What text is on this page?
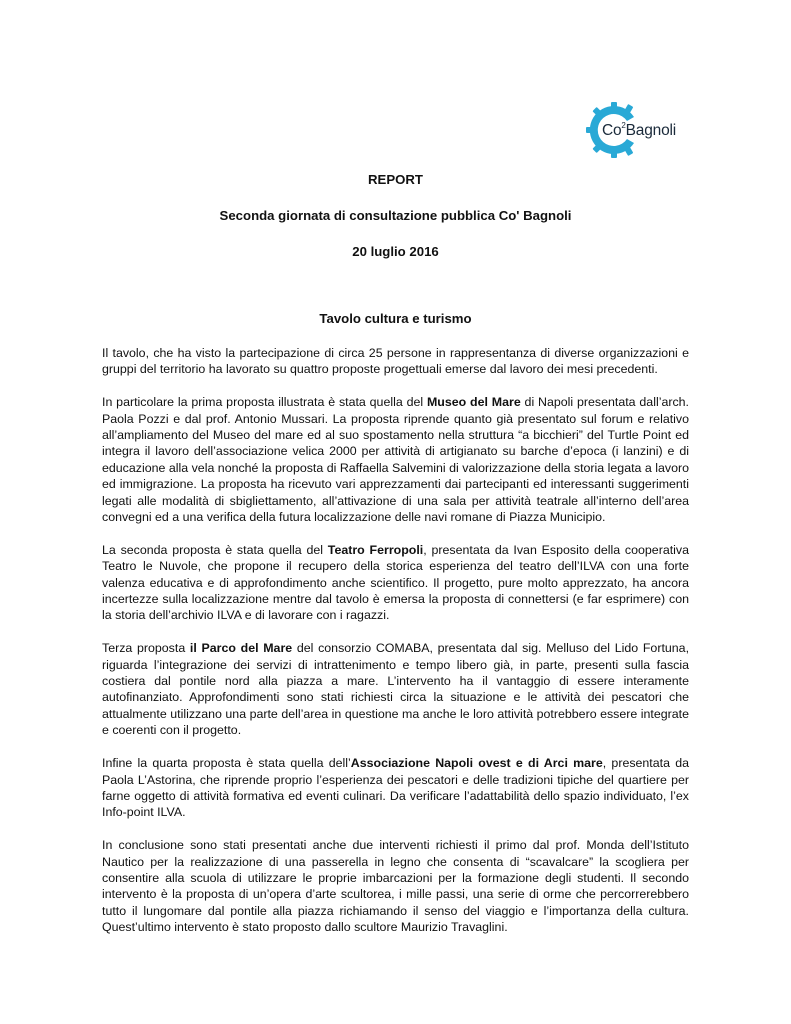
Co$^2$Bagnoli
REPORT
Seconda giornata di consultazione pubblica Co' Bagnoli
20 luglio 2016
Tavolo cultura e turismo

Il tavolo, che ha visto la partecipazione di circa 25 persone in rappresentanza di diverse organizzazioni e gruppi del territorio ha lavorato su quattro proposte progettuali emerse dal lavoro dei mesi precedenti.

In particolare la prima proposta illustrata è stata quella del Museo del Mare di Napoli presentata dall’arch. Paola Pozzi e dal prof. Antonio Mussari. La proposta riprende quanto già presentato sul forum e relativo all’ampliamento del Museo del mare ed al suo spostamento nella struttura “a bicchieri” del Turtle Point ed integra il lavoro dell’associazione velica 2000 per attività di artigianato su barche d’epoca (i lanzini) e di educazione alla vela nonché la proposta di Raffaella Salvemini di valorizzazione della storia legata a lavoro ed immigrazione. La proposta ha ricevuto vari apprezzamenti dai partecipanti ed interessanti suggerimenti legati alle modalità di sbigliettamento, all’attivazione di una sala per attività teatrale all’interno dell’area convegni ed a una verifica della futura localizzazione delle navi romane di Piazza Municipio.

La seconda proposta è stata quella del Teatro Ferropoli, presentata da Ivan Esposito della cooperativa Teatro le Nuvole, che propone il recupero della storica esperienza del teatro dell’ILVA con una forte valenza educativa e di approfondimento anche scientifico. Il progetto, pure molto apprezzato, ha ancora incertezze sulla localizzazione mentre dal tavolo è emersa la proposta di connettersi (e far esprimere) con la storia dell’archivio ILVA e di lavorare con i ragazzi.

Terza proposta il Parco del Mare del consorzio COMABA, presentata dal sig. Melluso del Lido Fortuna, riguarda l’integrazione dei servizi di intrattenimento e tempo libero già, in parte, presenti sulla fascia costiera dal pontile nord alla piazza a mare. L’intervento ha il vantaggio di essere interamente autofinanziato. Approfondimenti sono stati richiesti circa la situazione e le attività dei pescatori che attualmente utilizzano una parte dell’area in questione ma anche le loro attività potrebbero essere integrate e coerenti con il progetto.

Infine la quarta proposta è stata quella dell’Associazione Napoli ovest e di Arci mare, presentata da Paola L’Astorina, che riprende proprio l’esperienza dei pescatori e delle tradizioni tipiche del quartiere per farne oggetto di attività formativa ed eventi culinari. Da verificare l’adattabilità dello spazio individuato, l’ex Info-point ILVA.

In conclusione sono stati presentati anche due interventi richiesti il primo dal prof. Monda dell’Istituto Nautico per la realizzazione di una passerella in legno che consenta di “scavalcare” la scogliera per consentire alla scuola di utilizzare le proprie imbarcazioni per la formazione degli studenti. Il secondo intervento è la proposta di un’opera d’arte scultorea, i mille passi, una serie di orme che percorrerebbero tutto il lungomare dal pontile alla piazza richiamando il senso del viaggio e l’importanza della cultura. Quest’ultimo intervento è stato proposto dallo scultore Maurizio Travaglini.
